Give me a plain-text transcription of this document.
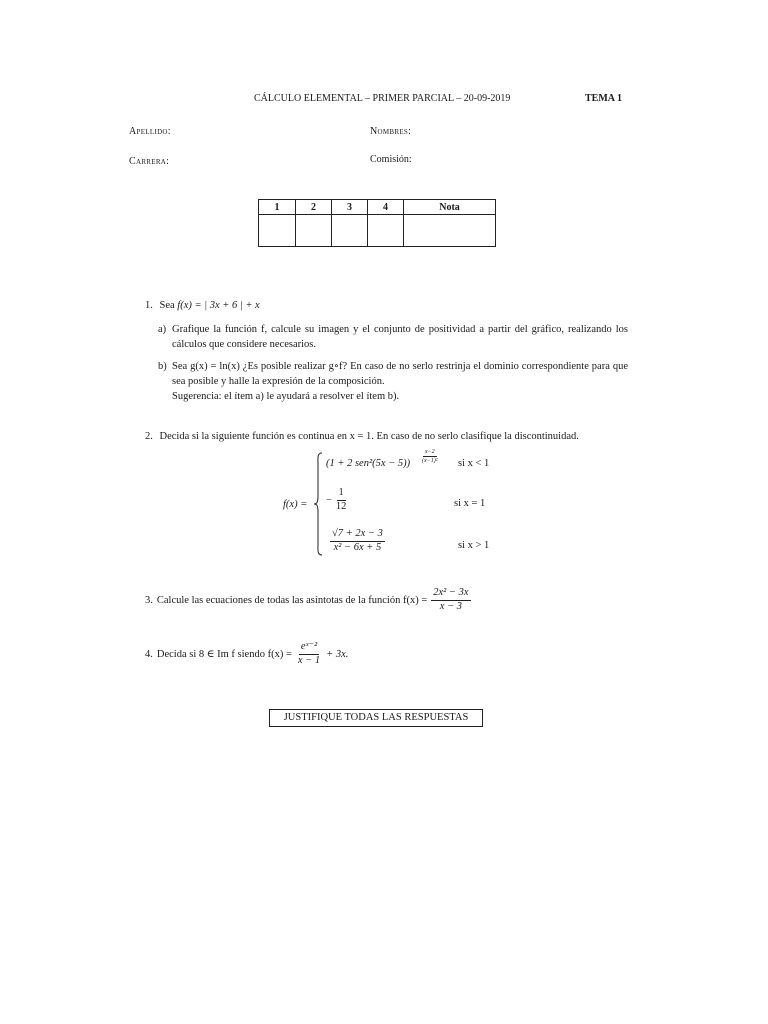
CÁLCULO ELEMENTAL – PRIMER PARCIAL – 20-09-2019	TEMA 1
Apellido:	Nombres:
Carrera:	Comisión:
1	2	3	4	Nota

1. Sea f(x) = | 3x + 6 | + x
a) Grafique la función f, calcule su imagen y el conjunto de positividad a partir del gráfico, realizando los cálculos que considere necesarios.
b) Sea g(x) = ln(x) ¿Es posible realizar g∘f? En caso de no serlo restrinja el dominio correspondiente para que sea posible y halle la expresión de la composición.
Sugerencia: el ítem a) le ayudará a resolver el ítem b).
2. Decida si la siguiente función es continua en x = 1. En caso de no serlo clasifique la discontinuidad.
f(x) =
(1 + 2 $sen^2(5x - 5)) \frac{x-2}{\text{(x−1)²}}$ si x < 1
− $\frac{1}{12}$	si x = 1
$\frac{√7 + 2x - 3}{\text{x² − 6x + 5}}$	si x > 1
3. Calcule las ecuaciones de todas las asíntotas de la función $f(x) = \frac{\text{2x² − 3x}}{x - 3}$
4. Decida si 8 ∈ Im f siendo $f(x) = \frac{\text{eˣ⁻²}}{x - 1} + 3x$.
JUSTIFIQUE TODAS LAS RESPUESTAS
